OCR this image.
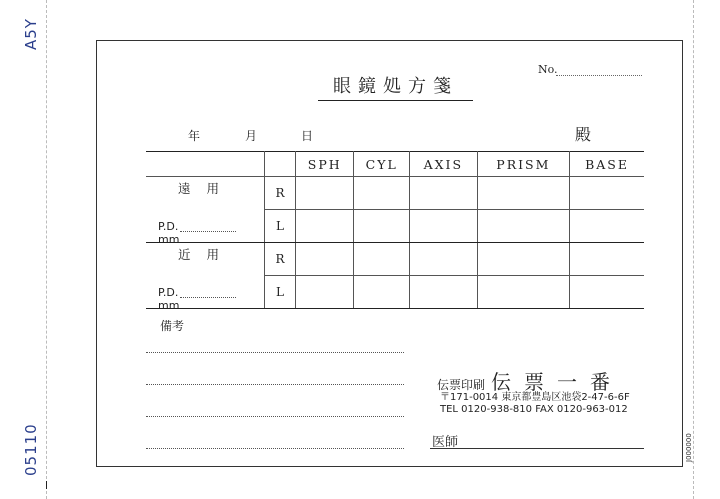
A5Y
05110
眼鏡処方箋
No.
年	月	日	殿
		SPH	CYL	AXIS	PRISM	BASE

遠用	R					

P.D.mm	L					

近用	R					

P.D.mm	L					
備考
伝票印刷 伝票一番
〒171-0014 東京都豊島区池袋2-47-6-6F
TEL 0120-938-810 FAX 0120-963-012
医師	J000000
